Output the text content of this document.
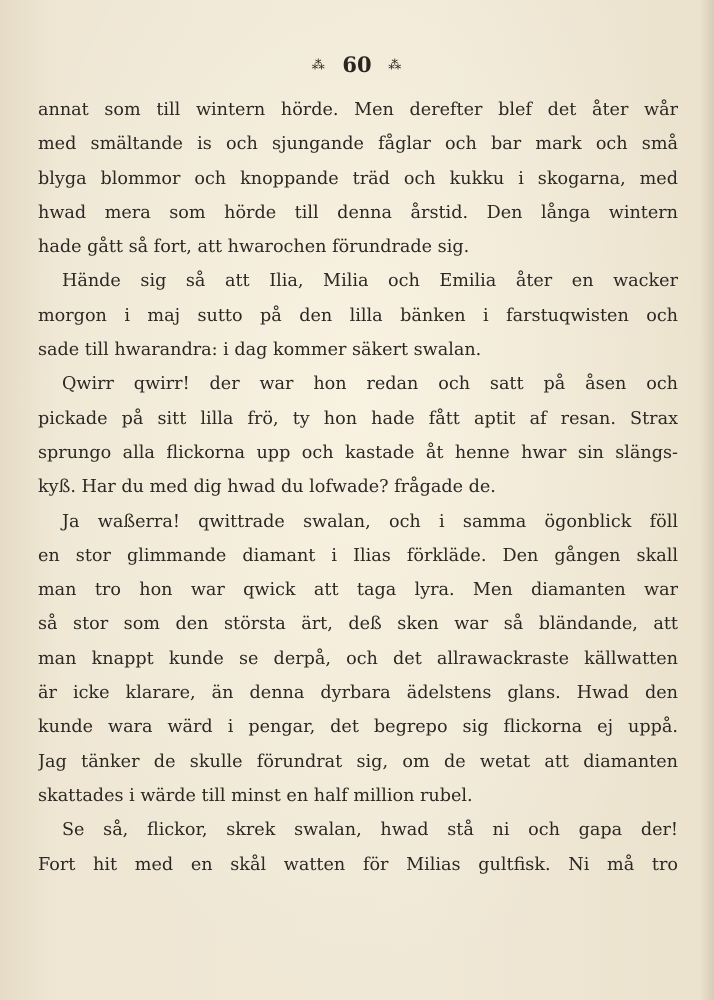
⁂ 60 ⁂
annat som till wintern hörde. Men derefter blef det åter wår
med smältande is och sjungande fåglar och bar mark och små
blyga blommor och knoppande träd och kukku i skogarna, med
hwad mera som hörde till denna årstid. Den långa wintern
hade gått så fort, att hwarochen förundrade sig.
Hände sig så att Ilia, Milia och Emilia åter en wacker
morgon i maj sutto på den lilla bänken i farstuqwisten och
sade till hwarandra: i dag kommer säkert swalan.
Qwirr qwirr! der war hon redan och satt på åsen och
pickade på sitt lilla frö, ty hon hade fått aptit af resan. Strax
sprungo alla flickorna upp och kastade åt henne hwar sin slängs-
kyß. Har du med dig hwad du lofwade? frågade de.
Ja waßerra! qwittrade swalan, och i samma ögonblick föll
en stor glimmande diamant i Ilias förkläde. Den gången skall
man tro hon war qwick att taga lyra. Men diamanten war
så stor som den största ärt, deß sken war så bländande, att
man knappt kunde se derpå, och det allrawackraste källwatten
är icke klarare, än denna dyrbara ädelstens glans. Hwad den
kunde wara wärd i pengar, det begrepo sig flickorna ej uppå.
Jag tänker de skulle förundrat sig, om de wetat att diamanten
skattades i wärde till minst en half million rubel.
Se så, flickor, skrek swalan, hwad stå ni och gapa der!
Fort hit med en skål watten för Milias gultfisk. Ni må tro
